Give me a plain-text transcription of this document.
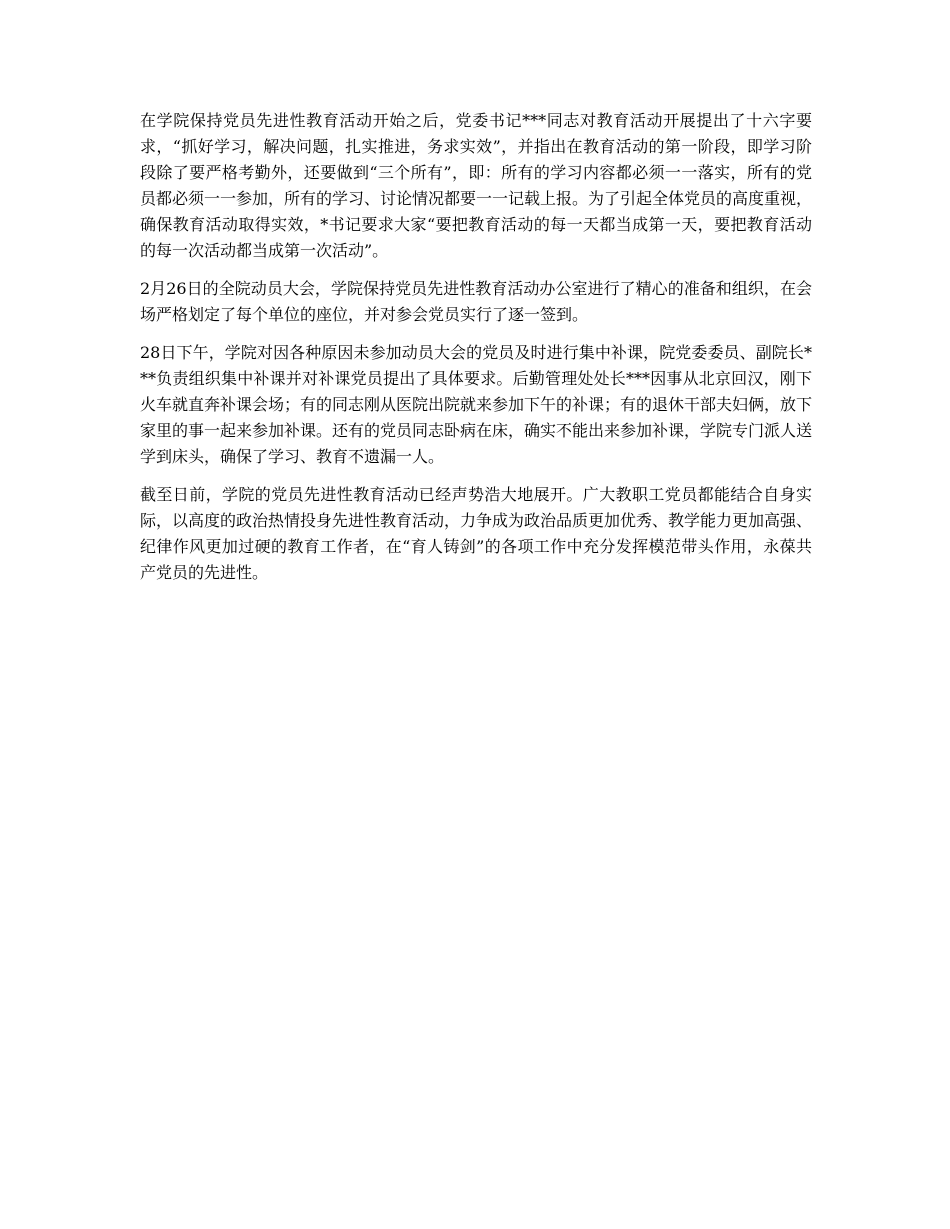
在学院保持党员先进性教育活动开始之后，党委书记***同志对教育活动开展提出了十六字要求，“抓好学习，解决问题，扎实推进，务求实效”，并指出在教育活动的第一阶段，即学习阶段除了要严格考勤外，还要做到“三个所有”，即：所有的学习内容都必须一一落实，所有的党员都必须一一参加，所有的学习、讨论情况都要一一记载上报。为了引起全体党员的高度重视，确保教育活动取得实效，*书记要求大家“要把教育活动的每一天都当成第一天，要把教育活动的每一次活动都当成第一次活动”。

2月26日的全院动员大会，学院保持党员先进性教育活动办公室进行了精心的准备和组织，在会场严格划定了每个单位的座位，并对参会党员实行了逐一签到。

28日下午，学院对因各种原因未参加动员大会的党员及时进行集中补课，院党委委员、副院长***负责组织集中补课并对补课党员提出了具体要求。后勤管理处处长***因事从北京回汉，刚下火车就直奔补课会场；有的同志刚从医院出院就来参加下午的补课；有的退休干部夫妇俩，放下家里的事一起来参加补课。还有的党员同志卧病在床，确实不能出来参加补课，学院专门派人送学到床头，确保了学习、教育不遗漏一人。

截至日前，学院的党员先进性教育活动已经声势浩大地展开。广大教职工党员都能结合自身实际，以高度的政治热情投身先进性教育活动，力争成为政治品质更加优秀、教学能力更加高强、纪律作风更加过硬的教育工作者，在“育人铸剑”的各项工作中充分发挥模范带头作用，永葆共产党员的先进性。
